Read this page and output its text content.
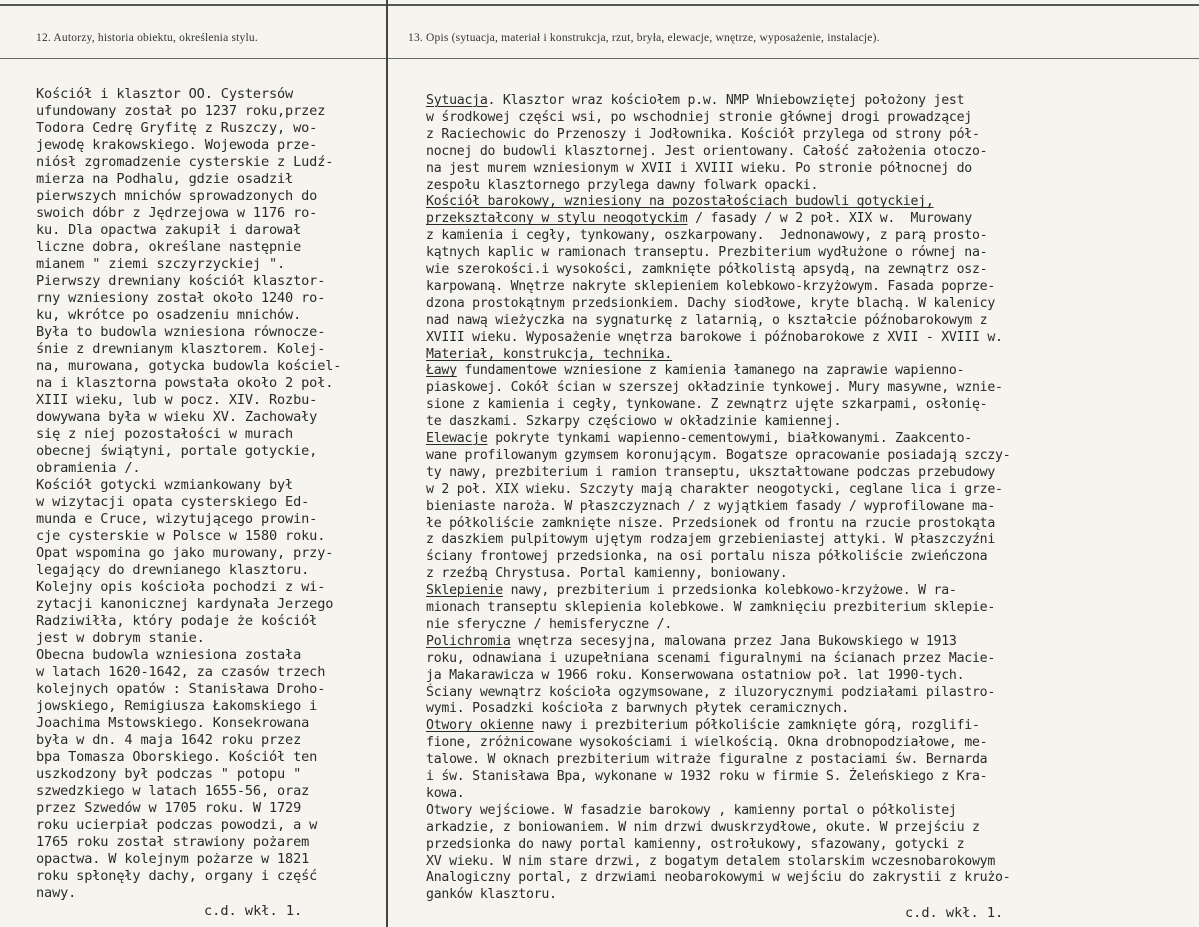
12. Autorzy, historia obiektu, określenia stylu.	13. Opis (sytuacja, materiał i konstrukcja, rzut, bryła, elewacje, wnętrze, wyposażenie, instalacje).
Kościół i klasztor OO. Cystersów
ufundowany został po 1237 roku,przez
Todora Cedrę Gryfitę z Ruszczy, wo-
jewodę krakowskiego. Wojewoda prze-
niósł zgromadzenie cysterskie z Ludź-
mierza na Podhalu, gdzie osadził
pierwszych mnichów sprowadzonych do
swoich dóbr z Jędrzejowa w 1176 ro-
ku. Dla opactwa zakupił i darował
liczne dobra, określane następnie
mianem " ziemi szczyrzyckiej ".
Pierwszy drewniany kościół klasztor-
rny wzniesiony został około 1240 ro-
ku, wkrótce po osadzeniu mnichów.
Była to budowla wzniesiona równocze-
śnie z drewnianym klasztorem. Kolej-
na, murowana, gotycka budowla kościel-
na i klasztorna powstała około 2 poł.
XIII wieku, lub w pocz. XIV. Rozbu-
dowywana była w wieku XV. Zachowały
się z niej pozostałości w murach
obecnej świątyni, portale gotyckie,
obramienia /.
Kościół gotycki wzmiankowany był
w wizytacji opata cysterskiego Ed-
munda e Cruce, wizytującego prowin-
cje cysterskie w Polsce w 1580 roku.
Opat wspomina go jako murowany, przy-
legający do drewnianego klasztoru.
Kolejny opis kościoła pochodzi z wi-
zytacji kanonicznej kardynała Jerzego
Radziwiłła, który podaje że kościół
jest w dobrym stanie.
Obecna budowla wzniesiona została
w latach 1620-1642, za czasów trzech
kolejnych opatów : Stanisława Droho-
jowskiego, Remigiusza Łakomskiego i
Joachima Mstowskiego. Konsekrowana
była w dn. 4 maja 1642 roku przez
bpa Tomasza Oborskiego. Kościół ten
uszkodzony był podczas " potopu "
szwedzkiego w latach 1655-56, oraz
przez Szwedów w 1705 roku. W 1729
roku ucierpiał podczas powodzi, a w
1765 roku został strawiony pożarem
opactwa. W kolejnym pożarze w 1821
roku spłonęły dachy, organy i część
nawy.
Sytuacja. Klasztor wraz kościołem p.w. NMP Wniebowziętej położony jest
w środkowej części wsi, po wschodniej stronie głównej drogi prowadzącej
z Raciechowic do Przenoszy i Jodłownika. Kościół przylega od strony pół-
nocnej do budowli klasztornej. Jest orientowany. Całość założenia otoczo-
na jest murem wzniesionym w XVII i XVIII wieku. Po stronie północnej do
zespołu klasztornego przylega dawny folwark opacki.
Kościół barokowy, wzniesiony na pozostałościach budowli gotyckiej,
przekształcony w stylu neogotyckim / fasady / w 2 poł. XIX w.  Murowany
z kamienia i cegły, tynkowany, oszkarpowany.  Jednonawowy, z parą prosto-
kątnych kaplic w ramionach transeptu. Prezbiterium wydłużone o równej na-
wie szerokości.i wysokości, zamknięte półkolistą apsydą, na zewnątrz osz-
karpowaną. Wnętrze nakryte sklepieniem kolebkowo-krzyżowym. Fasada poprze-
dzona prostokątnym przedsionkiem. Dachy siodłowe, kryte blachą. W kalenicy
nad nawą wieżyczka na sygnaturkę z latarnią, o kształcie późnobarokowym z
XVIII wieku. Wyposażenie wnętrza barokowe i późnobarokowe z XVII - XVIII w.
Materiał, konstrukcja, technika.
Ławy fundamentowe wzniesione z kamienia łamanego na zaprawie wapienno-
piaskowej. Cokół ścian w szerszej okładzinie tynkowej. Mury masywne, wznie-
sione z kamienia i cegły, tynkowane. Z zewnątrz ujęte szkarpami, osłonię-
te daszkami. Szkarpy częściowo w okładzinie kamiennej.
Elewacje pokryte tynkami wapienno-cementowymi, białkowanymi. Zaakcento-
wane profilowanym gzymsem koronującym. Bogatsze opracowanie posiadają szczy-
ty nawy, prezbiterium i ramion transeptu, ukształtowane podczas przebudowy
w 2 poł. XIX wieku. Szczyty mają charakter neogotycki, ceglane lica i grze-
bieniaste naroża. W płaszczyznach / z wyjątkiem fasady / wyprofilowane ma-
łe półkoliście zamknięte nisze. Przedsionek od frontu na rzucie prostokąta
z daszkiem pulpitowym ujętym rodzajem grzebieniastej attyki. W płaszczyźni
ściany frontowej przedsionka, na osi portalu nisza półkoliście zwieńczona
z rzeźbą Chrystusa. Portal kamienny, boniowany.
Sklepienie nawy, prezbiterium i przedsionka kolebkowo-krzyżowe. W ra-
mionach transeptu sklepienia kolebkowe. W zamknięciu prezbiterium sklepie-
nie sferyczne / hemisferyczne /.
Polichromia wnętrza secesyjna, malowana przez Jana Bukowskiego w 1913
roku, odnawiana i uzupełniana scenami figuralnymi na ścianach przez Macie-
ja Makarawicza w 1966 roku. Konserwowana ostatniow poł. lat 1990-tych.
Ściany wewnątrz kościoła ogzymsowane, z iluzorycznymi podziałami pilastro-
wymi. Posadzki kościoła z barwnych płytek ceramicznych.
Otwory okienne nawy i prezbiterium półkoliście zamknięte górą, rozglifi-
fione, zróżnicowane wysokościami i wielkością. Okna drobnopodziałowe, me-
talowe. W oknach prezbiterium witraże figuralne z postaciami św. Bernarda
i św. Stanisława Bpa, wykonane w 1932 roku w firmie S. Żeleńskiego z Kra-
kowa.
Otwory wejściowe. W fasadzie barokowy , kamienny portal o półkolistej
arkadzie, z boniowaniem. W nim drzwi dwuskrzydłowe, okute. W przejściu z
przedsionka do nawy portal kamienny, ostrołukowy, sfazowany, gotycki z
XV wieku. W nim stare drzwi, z bogatym detalem stolarskim wczesnobarokowym
Analogiczny portal, z drzwiami neobarokowymi w wejściu do zakrystii z krużo-
ganków klasztoru.
c.d. wkł. 1.	c.d. wkł. 1.
